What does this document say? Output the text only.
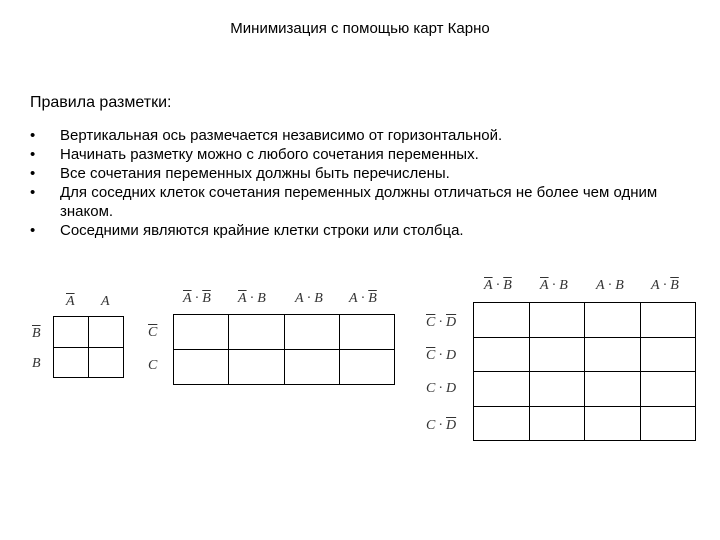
Минимизация с помощью карт Карно
Правила разметки:
• Вертикальная ось размечается независимо от горизонтальной.
• Начинать разметку можно с любого сочетания переменных.
• Все сочетания переменных должны быть перечислены.
• Для соседних клеток сочетания переменных должны отличаться не более чем одним знаком.
• Соседними являются крайние клетки строки или столбца.
$\overline{A}$ A
$\overline{B}$
B

$\overline{A} \cdot \overline{B}$ $\overline{A} \cdot B$ A · B $A \cdot \overline{B}$
$\overline{C}$
C

$\overline{A} \cdot \overline{B}$ $\overline{A} \cdot B$ A · B $A \cdot \overline{B}$
$\overline{C} \cdot \overline{D}$
$\overline{C} \cdot D$
C · D
$C \cdot \overline{D}$
